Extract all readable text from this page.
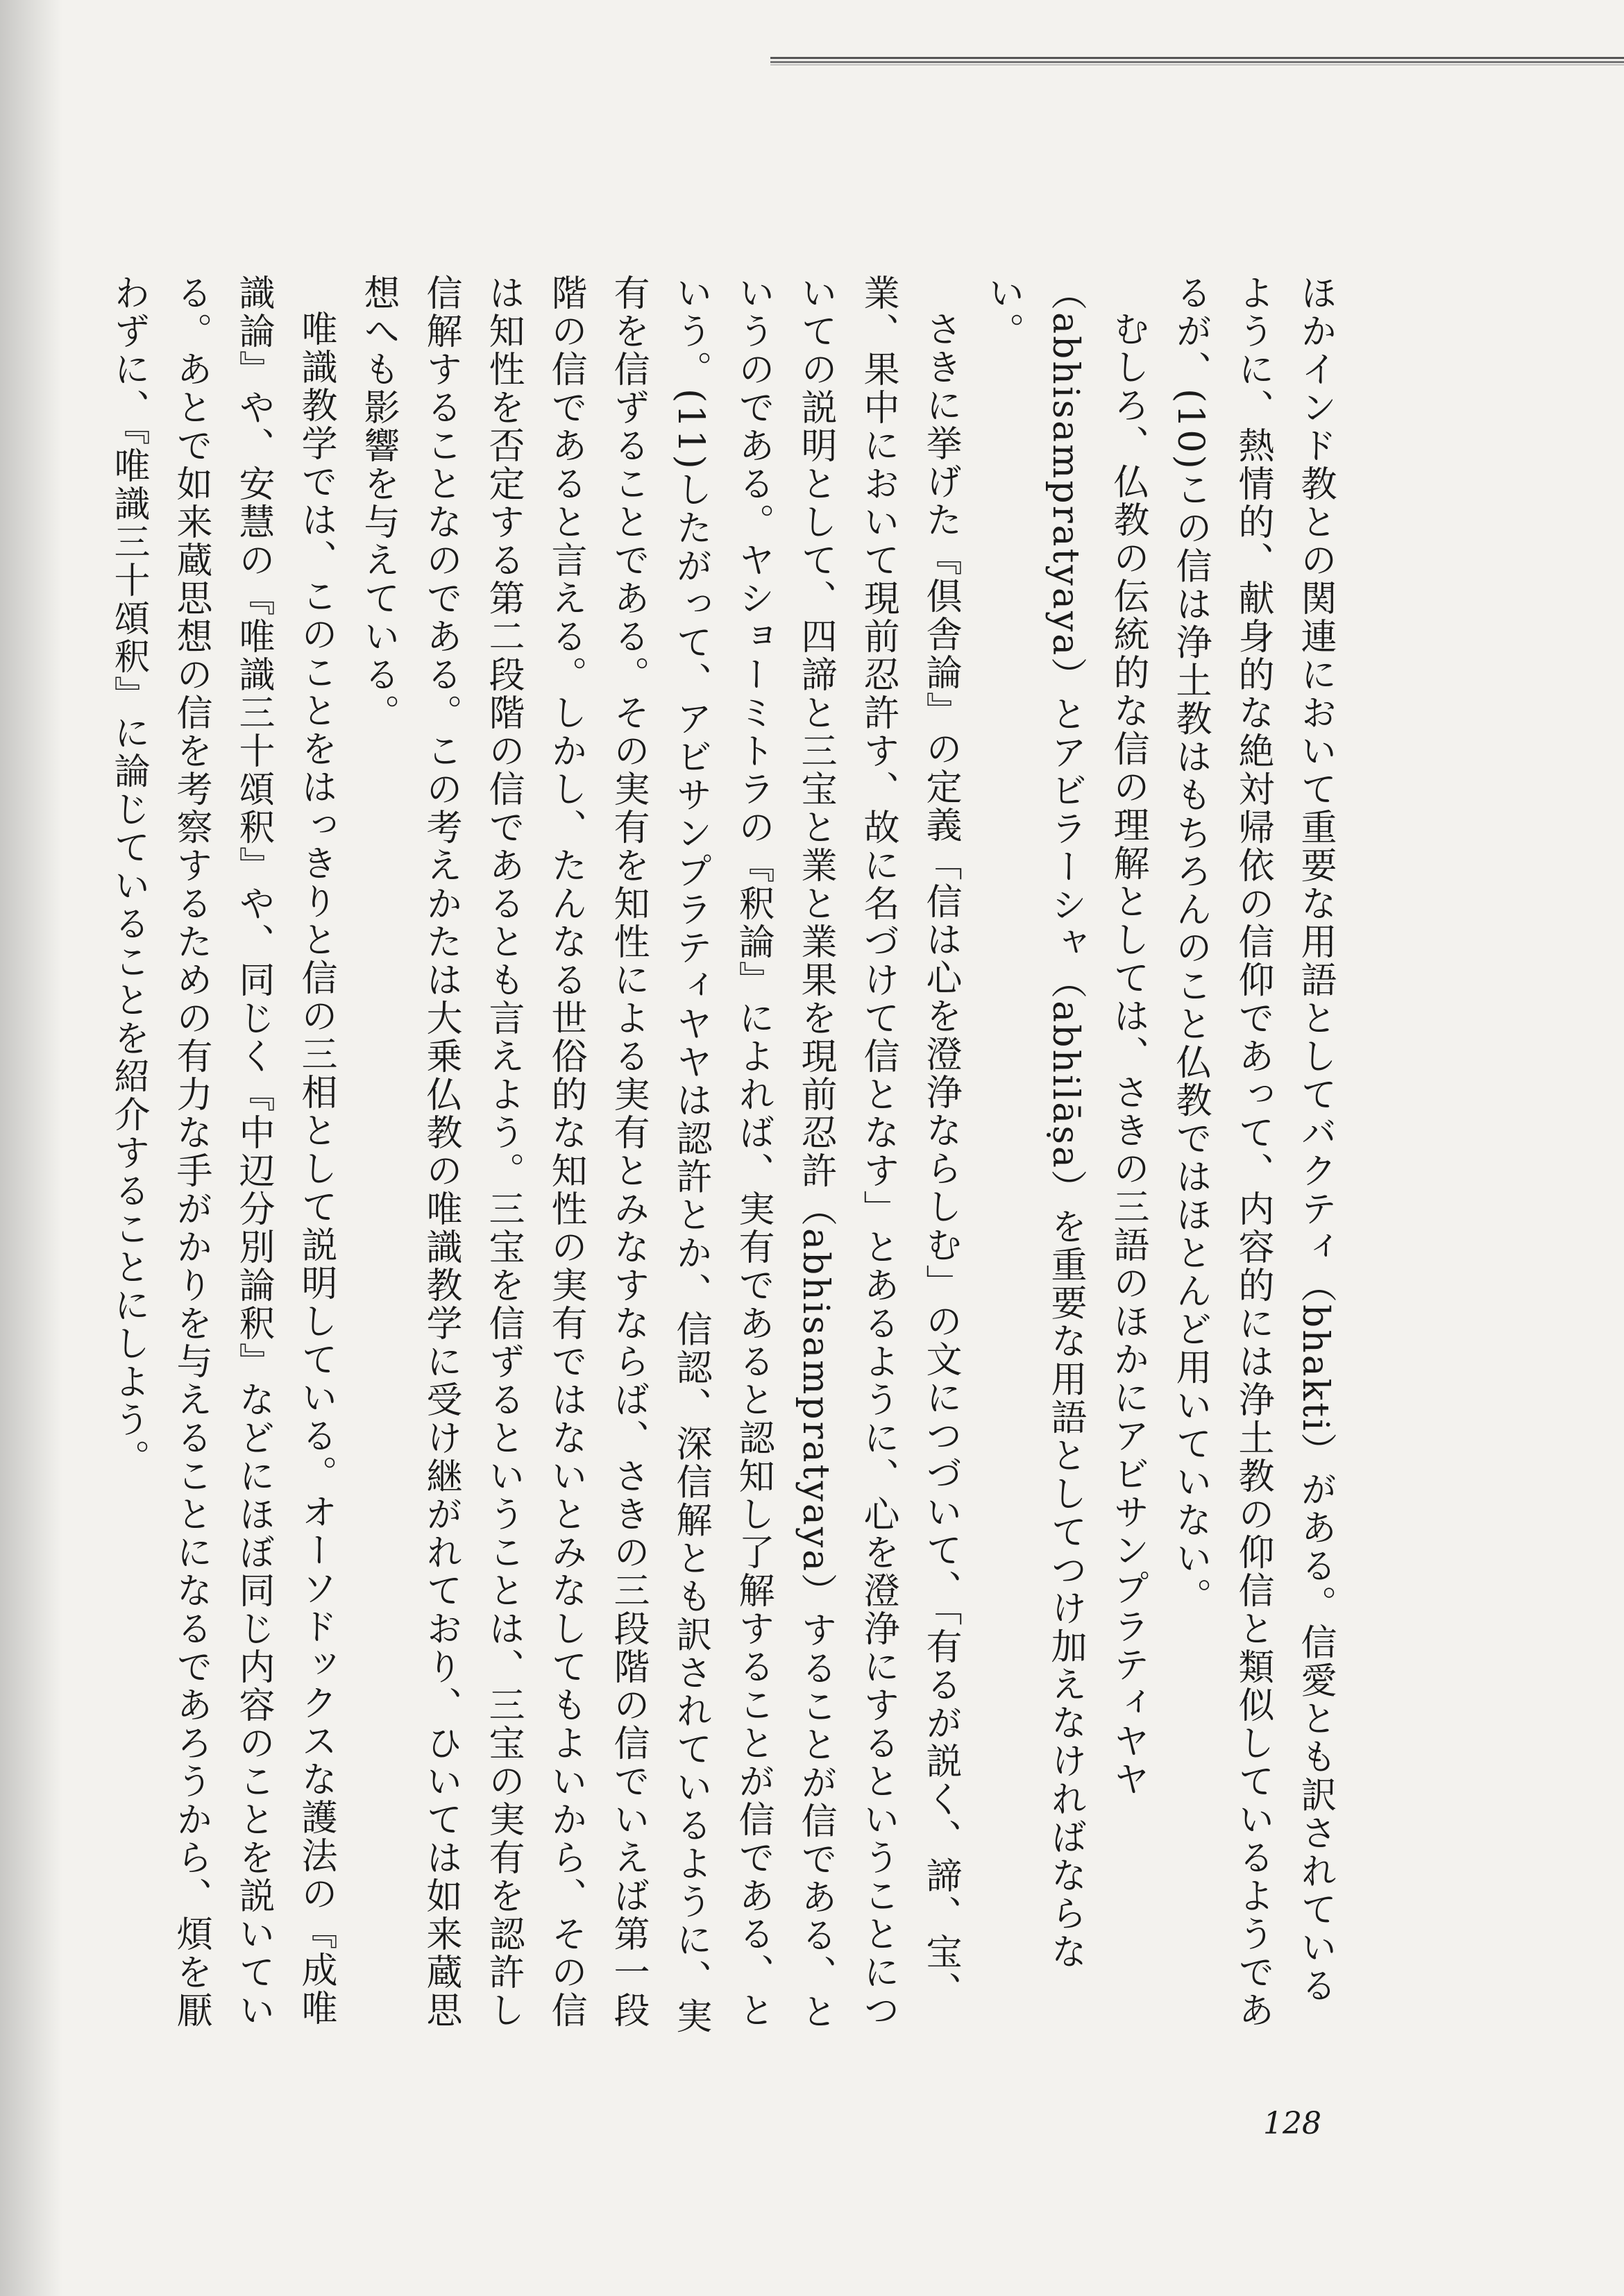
ほかインド教との関連において重要な用語としてバクティ（bhakti）がある。信愛とも訳されているように、熱情的、献身的な絶対帰依の信仰であって、内容的には浄土教の仰信と類似しているようであるが、(10)この信は浄土教はもちろんのこと仏教ではほとんど用いていない。

むしろ、仏教の伝統的な信の理解としては、さきの三語のほかにアビサンプラティヤヤ（abhisampratyaya）とアビラーシャ（abhilāṣa）を重要な用語としてつけ加えなければならない。

さきに挙げた『倶舎論』の定義「信は心を澄浄ならしむ」の文につづいて、「有るが説く、諦、宝、業、果中において現前忍許す、故に名づけて信となす」とあるように、心を澄浄にするということについての説明として、四諦と三宝と業と業果を現前忍許（abhisampratyaya）することが信である、というのである。ヤショーミトラの『釈論』によれば、実有であると認知し了解することが信である、という。(11)したがって、アビサンプラティヤヤは認許とか、信認、深信解とも訳されているように、実有を信ずることである。その実有を知性による実有とみなすならば、さきの三段階の信でいえば第一段階の信であると言える。しかし、たんなる世俗的な知性の実有ではないとみなしてもよいから、その信は知性を否定する第二段階の信であるとも言えよう。三宝を信ずるということは、三宝の実有を認許し信解することなのである。この考えかたは大乗仏教の唯識教学に受け継がれており、ひいては如来蔵思想へも影響を与えている。

唯識教学では、このことをはっきりと信の三相として説明している。オーソドックスな護法の『成唯識論』や、安慧の『唯識三十頌釈』や、同じく『中辺分別論釈』などにほぼ同じ内容のことを説いている。あとで如来蔵思想の信を考察するための有力な手がかりを与えることになるであろうから、煩を厭わずに、『唯識三十頌釈』に論じていることを紹介することにしよう。

128
